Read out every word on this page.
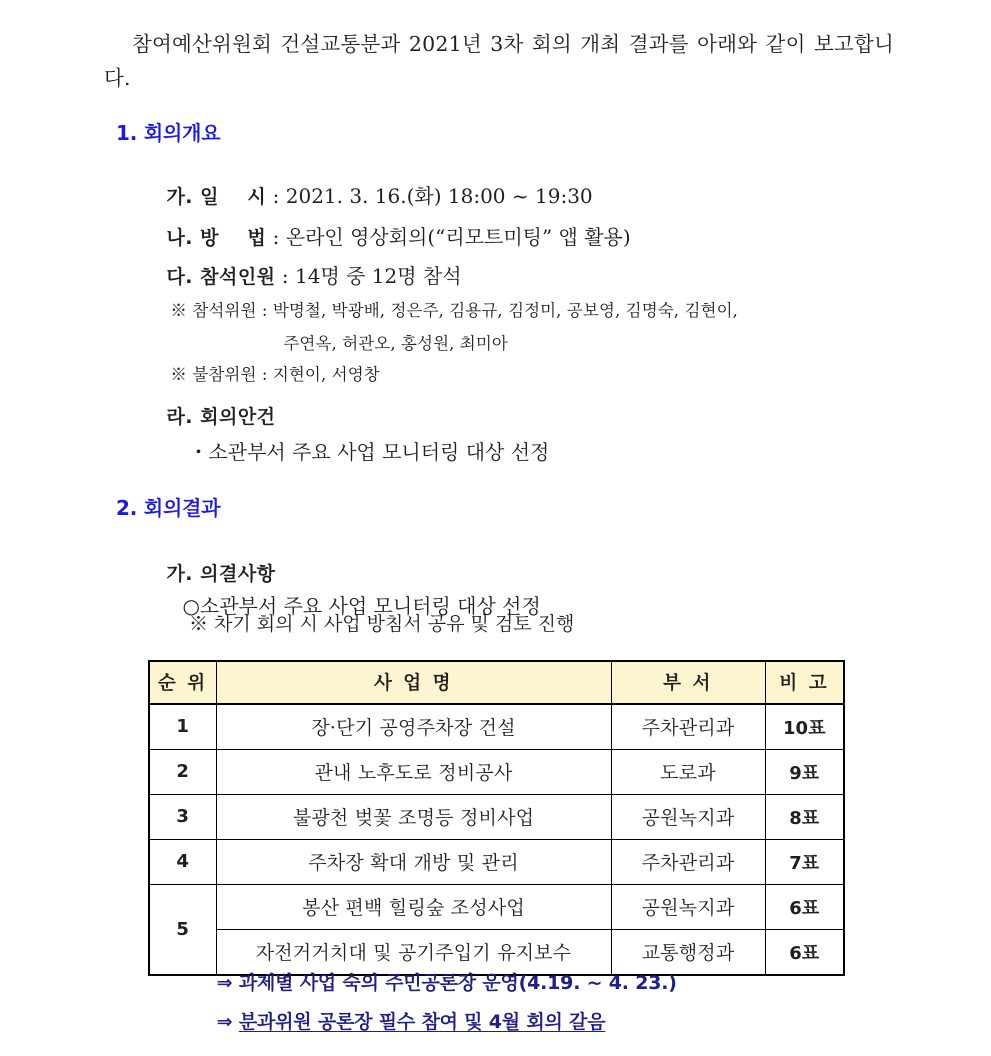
참여예산위원회 건설교통분과 2021년 3차 회의 개최 결과를 아래와 같이 보고합니다.

1. 회의개요

가. 일    시 : 2021. 3. 16.(화) 18:00 ~ 19:30

나. 방    법 : 온라인 영상회의(“리모트미팅” 앱 활용)

다. 참석인원 : 14명 중 12명 참석

※ 참석위원 : 박명철, 박광배, 정은주, 김용규, 김정미, 공보영, 김명숙, 김현이,

주연옥, 허관오, 홍성원, 최미아

※ 불참위원 : 지현이, 서영창

라. 회의안건

・소관부서 주요 사업 모니터링 대상 선정

2. 회의결과

가. 의결사항

○소관부서 주요 사업 모니터링 대상 선정

※ 차기 회의 시 사업 방침서 공유 및 검토 진행
순 위	사 업 명	부 서	비 고
1	장·단기 공영주차장 건설	주차관리과	10표
2	관내 노후도로 정비공사	도로과	9표
3	불광천 벚꽃 조명등 정비사업	공원녹지과	8표
4	주차장 확대 개방 및 관리	주차관리과	7표
5	봉산 편백 힐링숲 조성사업	공원녹지과	6표
	자전거거치대 및 공기주입기 유지보수	교통행정과	6표

⇒ 과제별 사업 숙의 주민공론장 운영(4.19. ~ 4. 23.)

⇒ 분과위원 공론장 필수 참여 및 4월 회의 갈음
